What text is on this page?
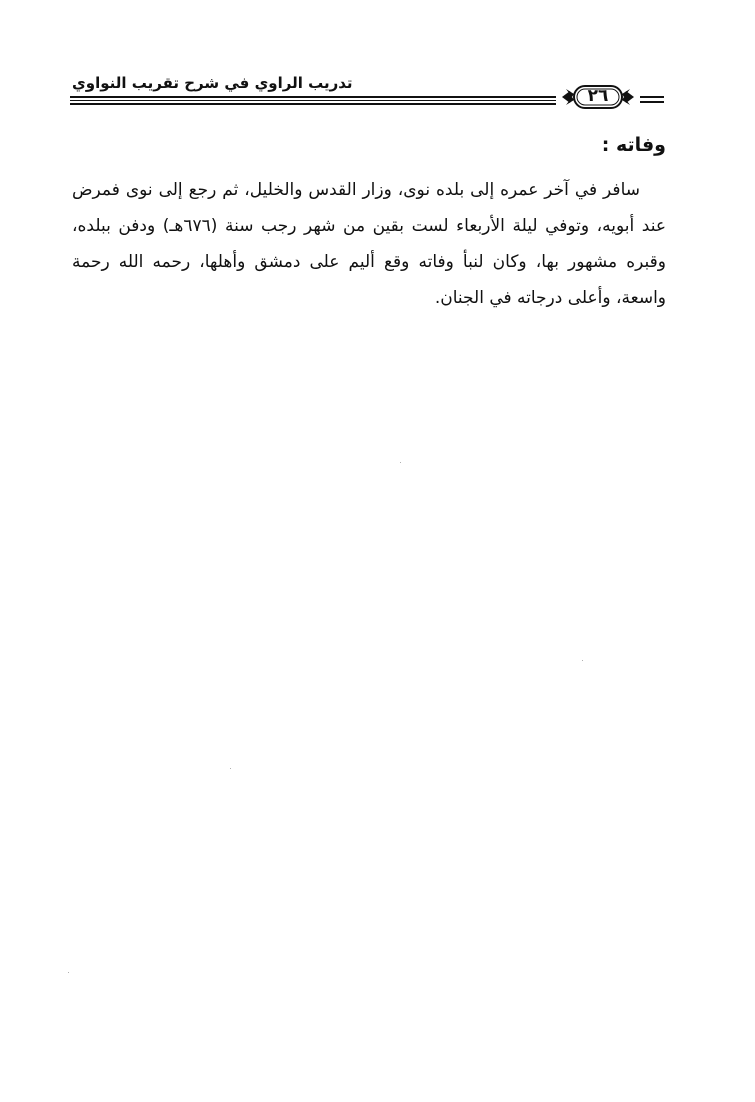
تدريب الراوي في شرح تقريب النواوي
٢٦
وفاته :

سافر في آخر عمره إلى بلده نوى، وزار القدس والخليل، ثم رجع إلى نوى فمرض عند أبويه، وتوفي ليلة الأربعاء لست بقين من شهر رجب سنة (٦٧٦هـ) ودفن ببلده، وقبره مشهور بها، وكان لنبأ وفاته وقع أليم على دمشق وأهلها، رحمه الله رحمة واسعة، وأعلى درجاته في الجنان.
